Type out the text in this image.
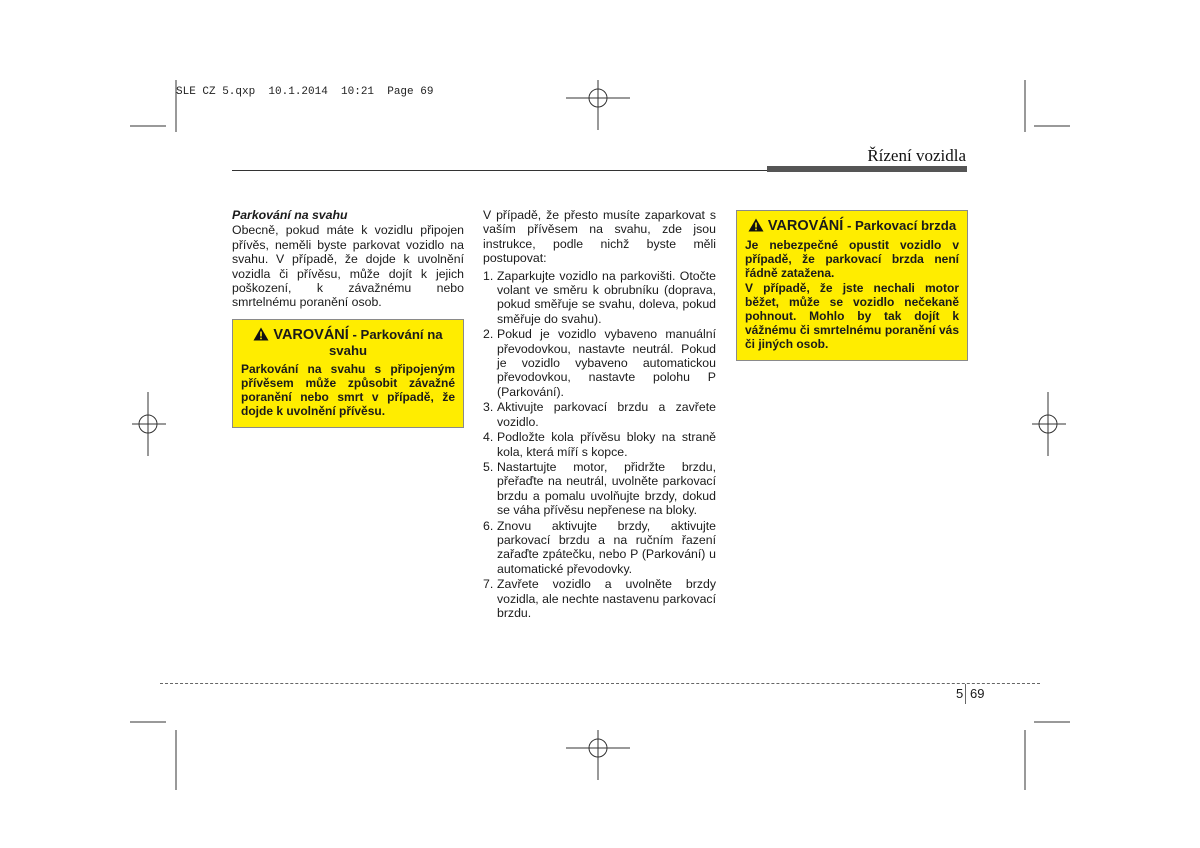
SLE CZ 5.qxp  10.1.2014  10:21  Page 69
Řízení vozidla

Parkování na svahu

Obecně, pokud máte k vozidlu připojen přívěs, neměli byste parkovat vozidlo na svahu. V případě, že dojde k uvolnění vozidla či přívěsu, může dojít k jejich poškození, k závažnému nebo smrtelnému poranění osob.

VAROVÁNÍ - Parkování na svahu

Parkování na svahu s připojeným přívěsem může způsobit závažné poranění nebo smrt v případě, že dojde k uvolnění přívěsu.

V případě, že přesto musíte zaparkovat s vaším přívěsem na svahu, zde jsou instrukce, podle nichž byste měli postupovat:

1. Zaparkujte vozidlo na parkovišti. Otočte volant ve směru k obrubníku (doprava, pokud směřuje se svahu, doleva, pokud směřuje do svahu).
2. Pokud je vozidlo vybaveno manuální převodovkou, nastavte neutrál. Pokud je vozidlo vybaveno automatickou převodovkou, nastavte polohu P (Parkování).
3. Aktivujte parkovací brzdu a zavřete vozidlo.
4. Podložte kola přívěsu bloky na straně kola, která míří s kopce.
5. Nastartujte motor, přidržte brzdu, přeřaďte na neutrál, uvolněte parkovací brzdu a pomalu uvolňujte brzdy, dokud se váha přívěsu nepřenese na bloky.
6. Znovu aktivujte brzdy, aktivujte parkovací brzdu a na ručním řazení zařaďte zpátečku, nebo P (Parkování) u automatické převodovky.
7. Zavřete vozidlo a uvolněte brzdy vozidla, ale nechte nastavenu parkovací brzdu.

VAROVÁNÍ - Parkovací brzda

Je nebezpečné opustit vozidlo v případě, že parkovací brzda není řádně zatažena.

V případě, že jste nechali motor běžet, může se vozidlo nečekaně pohnout. Mohlo by tak dojít k vážnému či smrtelnému poranění vás či jiných osob.

5 69
